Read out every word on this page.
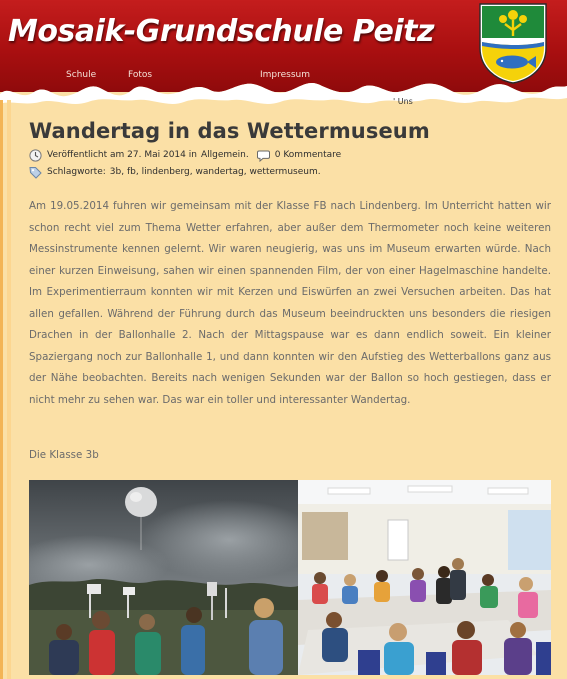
Mosaik-Grundschule Peitz
Schule	Fotos	Impressum
' Uns
Wandertag in das Wettermuseum
Veröffentlicht am 27. Mai 2014 in Allgemein .	0 Kommentare
Schlagworte: 3b , fb , lindenberg , wandertag , wettermuseum .

Am 19.05.2014 fuhren wir gemeinsam mit der Klasse FB nach Lindenberg. Im Unterricht hatten wir schon recht viel zum Thema Wetter erfahren, aber außer dem Thermometer noch keine weiteren Messinstrumente kennen gelernt. Wir waren neugierig, was uns im Museum erwarten würde. Nach einer kurzen Einweisung, sahen wir einen spannenden Film, der von einer Hagelmaschine handelte. Im Experimentierraum konnten wir mit Kerzen und Eiswürfen an zwei Versuchen arbeiten. Das hat allen gefallen. Während der Führung durch das Museum beeindruckten uns besonders die riesigen Drachen in der Ballonhalle 2. Nach der Mittagspause war es dann endlich soweit. Ein kleiner Spaziergang noch zur Ballonhalle 1, und dann konnten wir den Aufstieg des Wetterballons ganz aus der Nähe beobachten. Bereits nach wenigen Sekunden war der Ballon so hoch gestiegen, dass er nicht mehr zu sehen war. Das war ein toller und interessanter Wandertag.

Die Klasse 3b
